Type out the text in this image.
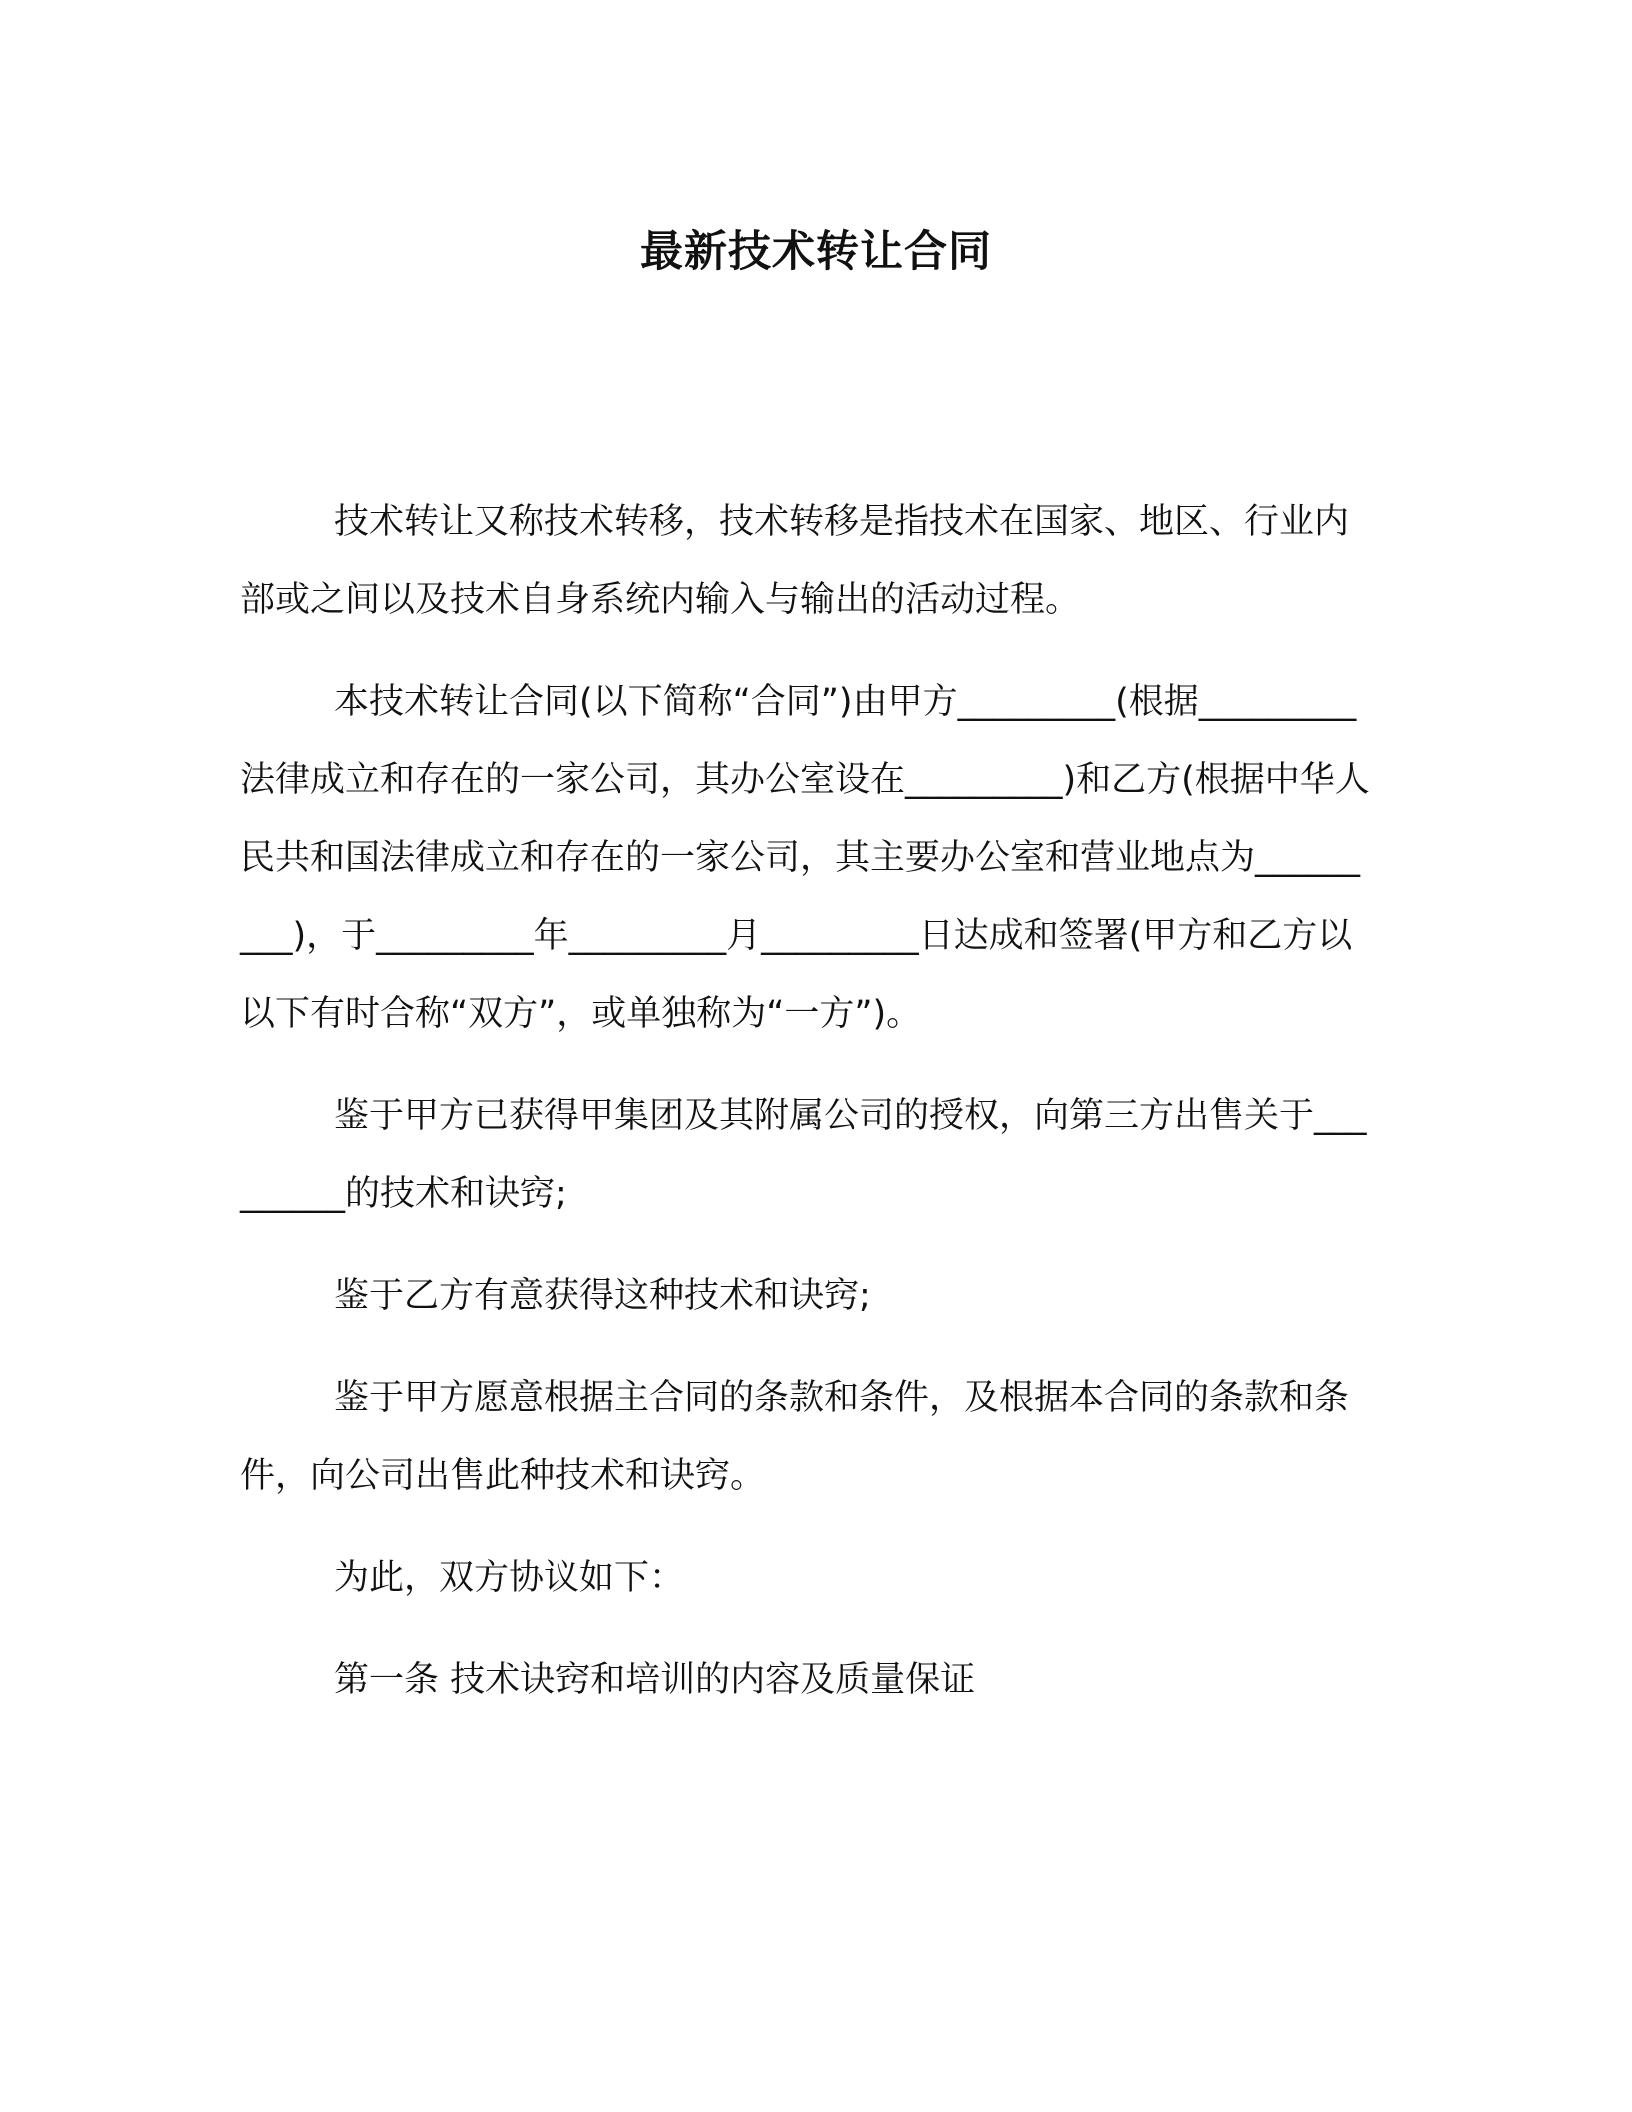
最新技术转让合同

技术转让又称技术转移，技术转移是指技术在国家、地区、行业内部或之间以及技术自身系统内输入与输出的活动过程。

本技术转让合同(以下简称“合同”)由甲方_________(根据_________法律成立和存在的一家公司，其办公室设在_________)和乙方(根据中华人民共和国法律成立和存在的一家公司，其主要办公室和营业地点为_________)，于_________年_________月_________日达成和签署(甲方和乙方以以下有时合称“双方”，或单独称为“一方”)。

鉴于甲方已获得甲集团及其附属公司的授权，向第三方出售关于_________的技术和诀窍;

鉴于乙方有意获得这种技术和诀窍;

鉴于甲方愿意根据主合同的条款和条件，及根据本合同的条款和条件，向公司出售此种技术和诀窍。

为此，双方协议如下：

第一条 技术诀窍和培训的内容及质量保证
